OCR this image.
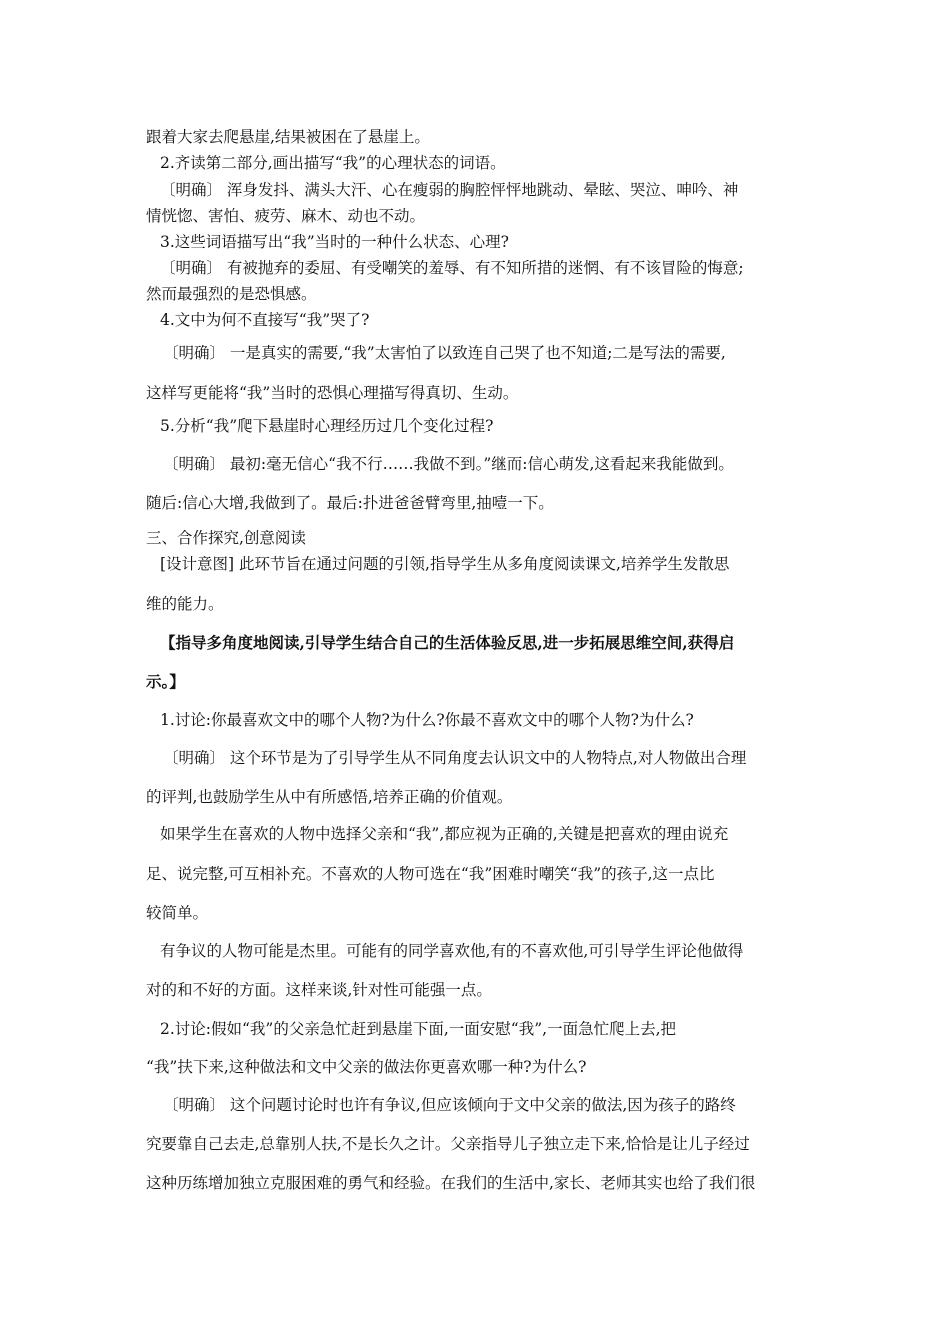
跟着大家去爬悬崖,结果被困在了悬崖上。
2.齐读第二部分,画出描写“我”的心理状态的词语。
〔明确〕 浑身发抖、满头大汗、心在瘦弱的胸腔怦怦地跳动、晕眩、哭泣、呻吟、神
情恍惚、害怕、疲劳、麻木、动也不动。
3.这些词语描写出“我”当时的一种什么状态、心理?
〔明确〕 有被抛弃的委屈、有受嘲笑的羞辱、有不知所措的迷惘、有不该冒险的悔意;
然而最强烈的是恐惧感。
4.文中为何不直接写“我”哭了?
〔明确〕 一是真实的需要,“我”太害怕了以致连自己哭了也不知道;二是写法的需要,
这样写更能将“我”当时的恐惧心理描写得真切、生动。
5.分析“我”爬下悬崖时心理经历过几个变化过程?
〔明确〕 最初:毫无信心“我不行……我做不到。”继而:信心萌发,这看起来我能做到。
随后:信心大增,我做到了。最后:扑进爸爸臂弯里,抽噎一下。
三、合作探究,创意阅读
[设计意图] 此环节旨在通过问题的引领,指导学生从多角度阅读课文,培养学生发散思
维的能力。
【指导多角度地阅读,引导学生结合自己的生活体验反思,进一步拓展思维空间,获得启
示。】
1.讨论:你最喜欢文中的哪个人物?为什么?你最不喜欢文中的哪个人物?为什么?
〔明确〕 这个环节是为了引导学生从不同角度去认识文中的人物特点,对人物做出合理
的评判,也鼓励学生从中有所感悟,培养正确的价值观。
如果学生在喜欢的人物中选择父亲和“我”,都应视为正确的,关键是把喜欢的理由说充
足、说完整,可互相补充。不喜欢的人物可选在“我”困难时嘲笑“我”的孩子,这一点比
较简单。
有争议的人物可能是杰里。可能有的同学喜欢他,有的不喜欢他,可引导学生评论他做得
对的和不好的方面。这样来谈,针对性可能强一点。
2.讨论:假如“我”的父亲急忙赶到悬崖下面,一面安慰“我”,一面急忙爬上去,把
“我”扶下来,这种做法和文中父亲的做法你更喜欢哪一种?为什么?
〔明确〕 这个问题讨论时也许有争议,但应该倾向于文中父亲的做法,因为孩子的路终
究要靠自己去走,总靠别人扶,不是长久之计。父亲指导儿子独立走下来,恰恰是让儿子经过
这种历练增加独立克服困难的勇气和经验。在我们的生活中,家长、老师其实也给了我们很
